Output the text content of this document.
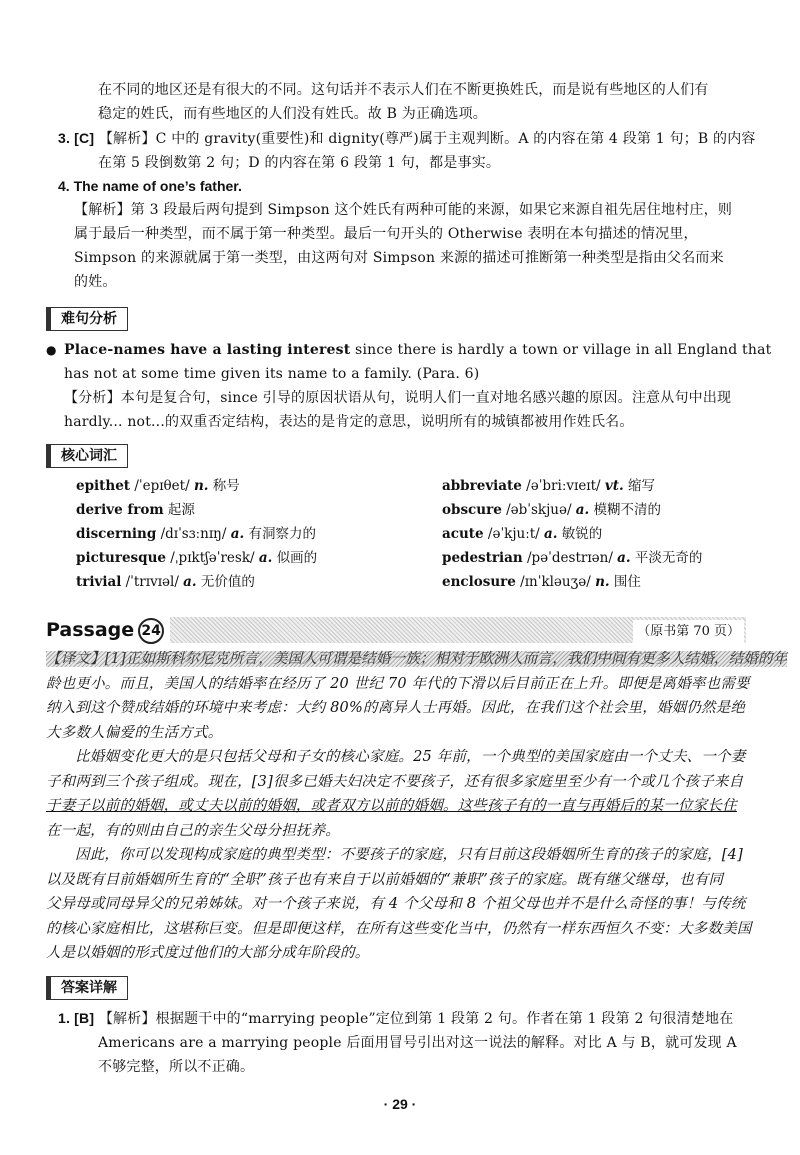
在不同的地区还是有很大的不同。这句话并不表示人们在不断更换姓氏，而是说有些地区的人们有
稳定的姓氏，而有些地区的人们没有姓氏。故 B 为正确选项。
3. [C] 【解析】C 中的 gravity(重要性)和 dignity(尊严)属于主观判断。A 的内容在第 4 段第 1 句；B 的内容
在第 5 段倒数第 2 句；D 的内容在第 6 段第 1 句，都是事实。
4. The name of one’s father.
【解析】第 3 段最后两句提到 Simpson 这个姓氏有两种可能的来源，如果它来源自祖先居住地村庄，则
属于最后一种类型，而不属于第一种类型。最后一句开头的 Otherwise 表明在本句描述的情况里，
Simpson 的来源就属于第一类型，由这两句对 Simpson 来源的描述可推断第一种类型是指由父名而来
的姓。
难句分析
● Place-names have a lasting interest since there is hardly a town or village in all England that
has not at some time given its name to a family. (Para. 6)
【分析】本句是复合句，since 引导的原因状语从句，说明人们一直对地名感兴趣的原因。注意从句中出现
hardly... not...的双重否定结构，表达的是肯定的意思，说明所有的城镇都被用作姓氏名。
核心词汇
epithet /ˈepɪθet/ n. 称号
derive from 起源
discerning /dɪˈsɜːnɪŋ/ a. 有洞察力的
picturesque /ˌpɪktʃəˈresk/ a. 似画的
trivial /ˈtrɪvɪəl/ a. 无价值的
abbreviate /əˈbriːvɪeɪt/ vt. 缩写
obscure /əbˈskjuə/ a. 模糊不清的
acute /əˈkjuːt/ a. 敏锐的
pedestrian /pəˈdestrɪən/ a. 平淡无奇的
enclosure /ɪnˈkləuʒə/ n. 围住
Passage 24	（原书第 70 页）

【译文】[1]正如斯科尔尼克所言，美国人可谓是结婚一族；相对于欧洲人而言，我们中间有更多人结婚，结婚的年

龄也更小。而且，美国人的结婚率在经历了 20 世纪 70 年代的下滑以后目前正在上升。即便是离婚率也需要

纳入到这个赞成结婚的环境中来考虑：大约 80%的离异人士再婚。因此，在我们这个社会里，婚姻仍然是绝

大多数人偏爱的生活方式。

比婚姻变化更大的是只包括父母和子女的核心家庭。25 年前，一个典型的美国家庭由一个丈夫、一个妻

子和两到三个孩子组成。现在，[3]很多已婚夫妇决定不要孩子，还有很多家庭里至少有一个或几个孩子来自

于妻子以前的婚姻，或丈夫以前的婚姻，或者双方以前的婚姻。这些孩子有的一直与再婚后的某一位家长住

在一起，有的则由自己的亲生父母分担抚养。

因此，你可以发现构成家庭的典型类型：不要孩子的家庭，只有目前这段婚姻所生育的孩子的家庭，[4]

以及既有目前婚姻所生育的“全职”孩子也有来自于以前婚姻的“兼职”孩子的家庭。既有继父继母，也有同

父异母或同母异父的兄弟姊妹。对一个孩子来说，有 4 个父母和 8 个祖父母也并不是什么奇怪的事！与传统

的核心家庭相比，这堪称巨变。但是即便这样，在所有这些变化当中，仍然有一样东西恒久不变：大多数美国

人是以婚姻的形式度过他们的大部分成年阶段的。

答案详解
1. [B] 【解析】根据题干中的“marrying people”定位到第 1 段第 2 句。作者在第 1 段第 2 句很清楚地在
Americans are a marrying people 后面用冒号引出对这一说法的解释。对比 A 与 B，就可发现 A
不够完整，所以不正确。
· 29 ·
